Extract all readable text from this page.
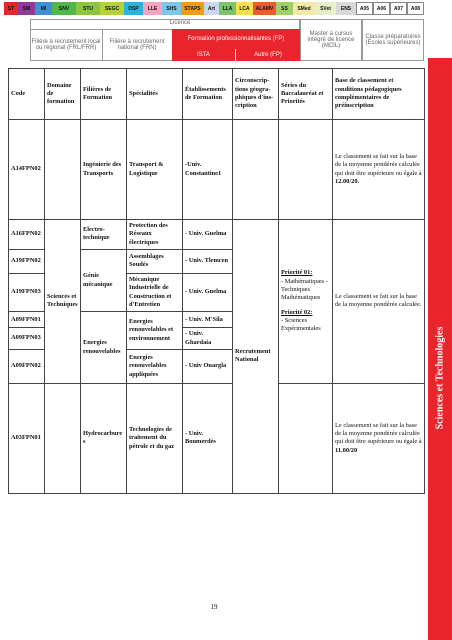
ST	SM	MI	SNV	STU	SEGC	DSP	LLE	SHS	STAPS	Art	LLA	LCA	ALAMV	SS	SMed	SVet	ENS	A05	A06	A07	A08
Licence
Filière à recrutement local ou régional (FRL/FRR)
Filière à recrutement national (FRN)
Formation professionnalisantes (FP)
ISTA	Autre (FP)
Master à cursus intégré de licence (MCIL)
Classe préparatoires (Écoles supérieures)
Sciences et Technologies
Code	Domaine de formation	Filières de Formation	Spécialités	Établissements de Formation	Circonscrip-tions géogra-phiques d'ins-cription	Séries du Baccalauréat et Priorités	Base de classement et conditions pédagogiques complémentaires de préinscription
A14FPN02		Ingénierie des Transports	Transport & Logistique	-Univ. Constantine1			Le classement se fait sur la base de la moyenne pondérée calculée qui doit être supérieure ou égale à 12.00/20.
A16FPN02	Sciences et Techniques	Electro-technique	Protection des Réseaux électriques	- Univ. Guelma	Recrutement National	Priorité 01:
- Mathématiques - Techniques Mathématiques
Priorité 02:
- Sciences Expérimentales	Le classement se fait sur la base de la moyenne pondérée calculée.
A19FPN02		Génie mécanique	Assemblages Soudés	- Univ. Tlemcen			
A19FPN03			Mécanique Industrielle de Construction et d'Entretien	- Univ. Guelma			
A09FPN01		Energies renouvelables	Energies renouvelables et environnement	- Univ. M'Sila			
A09FPN03				- Univ. Ghardaia			
A09FPN02			Energies renouvelables appliquées	- Univ Ouargla			
A03FPN01		Hydrocarbures	Technologies de traitement du pétrole et du gaz	- Univ. Boumerdès			Le classement se fait sur la base de la moyenne pondérée calculée qui doit être supérieure ou égale à 11.00/20
19
